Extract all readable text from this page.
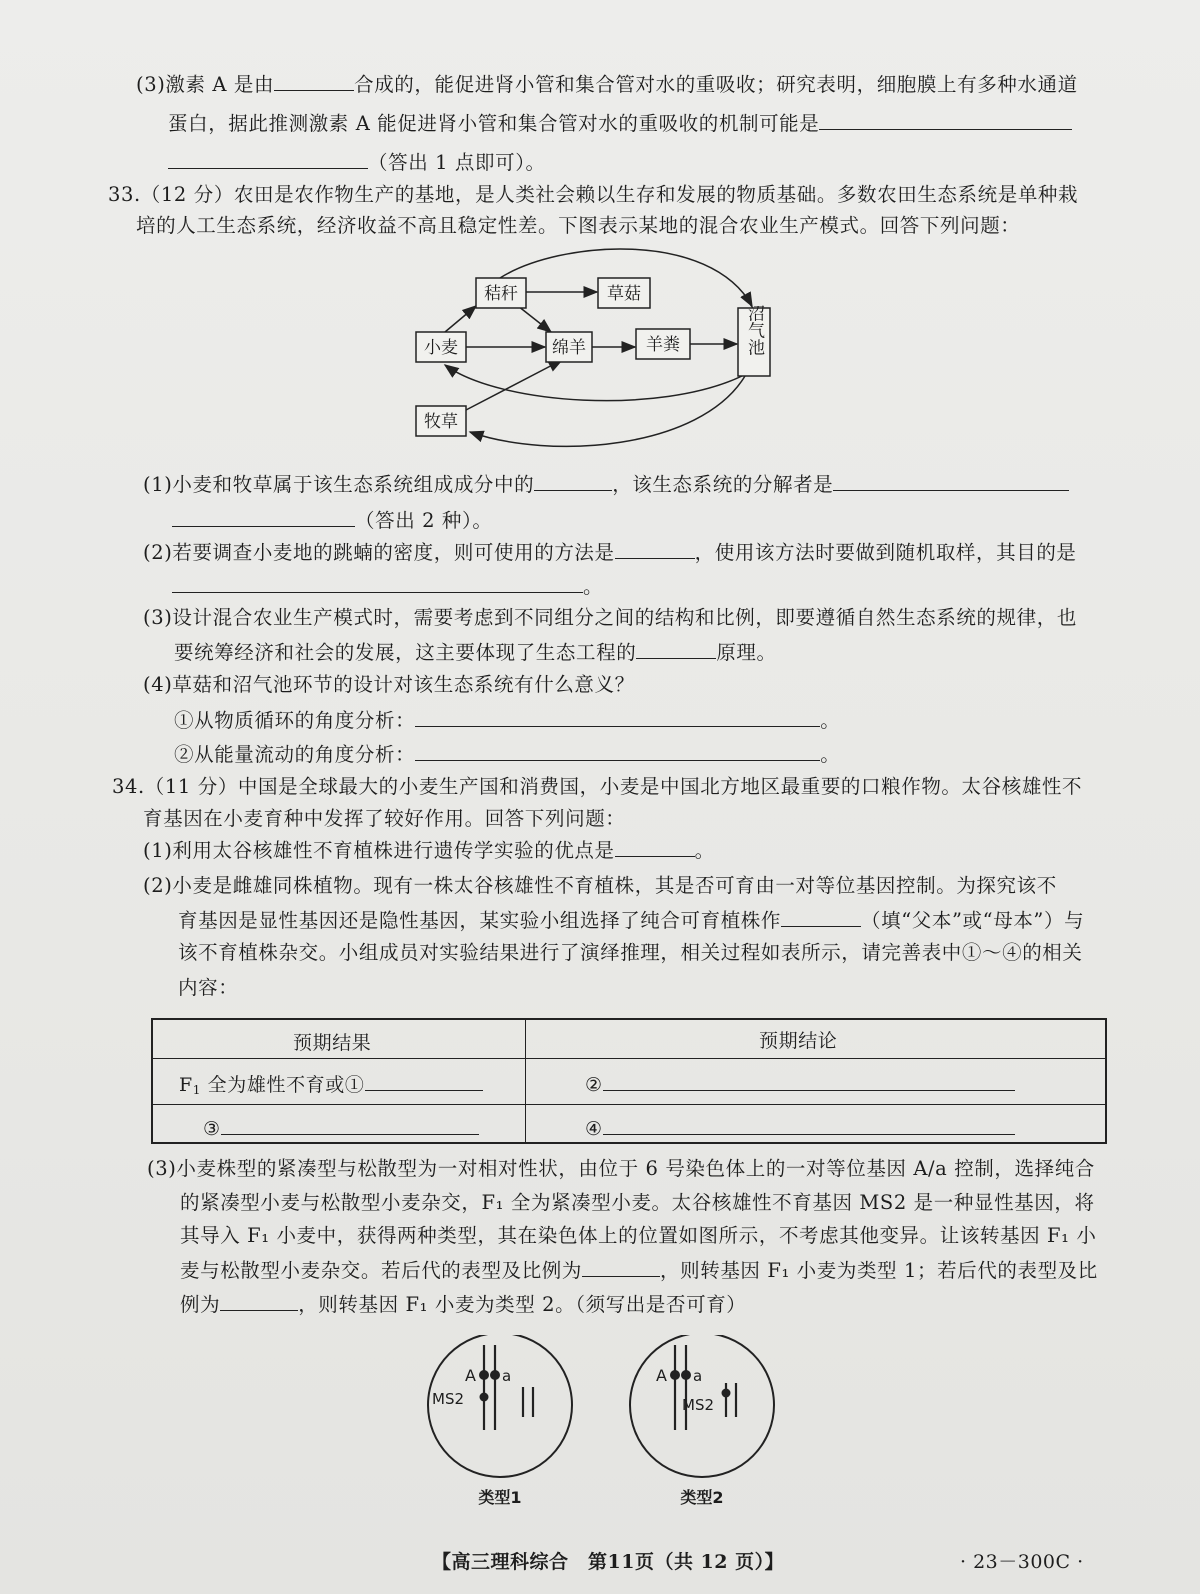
(3)激素 A 是由	合成的，能促进肾小管和集合管对水的重吸收；研究表明，细胞膜上有多种水通道
蛋白，据此推测激素 A 能促进肾小管和集合管对水的重吸收的机制可能是
（答出 1 点即可）。
33.（12 分）农田是农作物生产的基地，是人类社会赖以生存和发展的物质基础。多数农田生态系统是单种栽
培的人工生态系统，经济收益不高且稳定性差。下图表示某地的混合农业生产模式。回答下列问题：
秸秆	草菇
小麦	绵羊	羊粪
牧草
沼气池
(1)小麦和牧草属于该生态系统组成成分中的	，该生态系统的分解者是
（答出 2 种）。
(2)若要调查小麦地的跳蝻的密度，则可使用的方法是	，使用该方法时要做到随机取样，其目的是
。
(3)设计混合农业生产模式时，需要考虑到不同组分之间的结构和比例，即要遵循自然生态系统的规律，也
要统筹经济和社会的发展，这主要体现了生态工程的	原理。
(4)草菇和沼气池环节的设计对该生态系统有什么意义？
①从物质循环的角度分析：	。
②从能量流动的角度分析：	。
34.（11 分）中国是全球最大的小麦生产国和消费国，小麦是中国北方地区最重要的口粮作物。太谷核雄性不
育基因在小麦育种中发挥了较好作用。回答下列问题：
(1)利用太谷核雄性不育植株进行遗传学实验的优点是	。
(2)小麦是雌雄同株植物。现有一株太谷核雄性不育植株，其是否可育由一对等位基因控制。为探究该不
育基因是显性基因还是隐性基因，某实验小组选择了纯合可育植株作	（填“父本”或“母本”）与
该不育植株杂交。小组成员对实验结果进行了演绎推理，相关过程如表所示，请完善表中①～④的相关
内容：
预期结果	预期结论
$F_1$ 全为雄性不育或①	②
③	④
(3)小麦株型的紧凑型与松散型为一对相对性状，由位于 6 号染色体上的一对等位基因 A/a 控制，选择纯合
的紧凑型小麦与松散型小麦杂交，F₁ 全为紧凑型小麦。太谷核雄性不育基因 MS2 是一种显性基因，将
其导入 F₁ 小麦中，获得两种类型，其在染色体上的位置如图所示，不考虑其他变异。让该转基因 F₁ 小
麦与松散型小麦杂交。若后代的表型及比例为	，则转基因 F₁ 小麦为类型 1；若后代的表型及比
例为	，则转基因 F₁ 小麦为类型 2。（须写出是否可育）
A a
MS2
类型1
A a
MS2
类型2
【高三理科综合　第11页（共 12 页）】	· 23－300C ·
